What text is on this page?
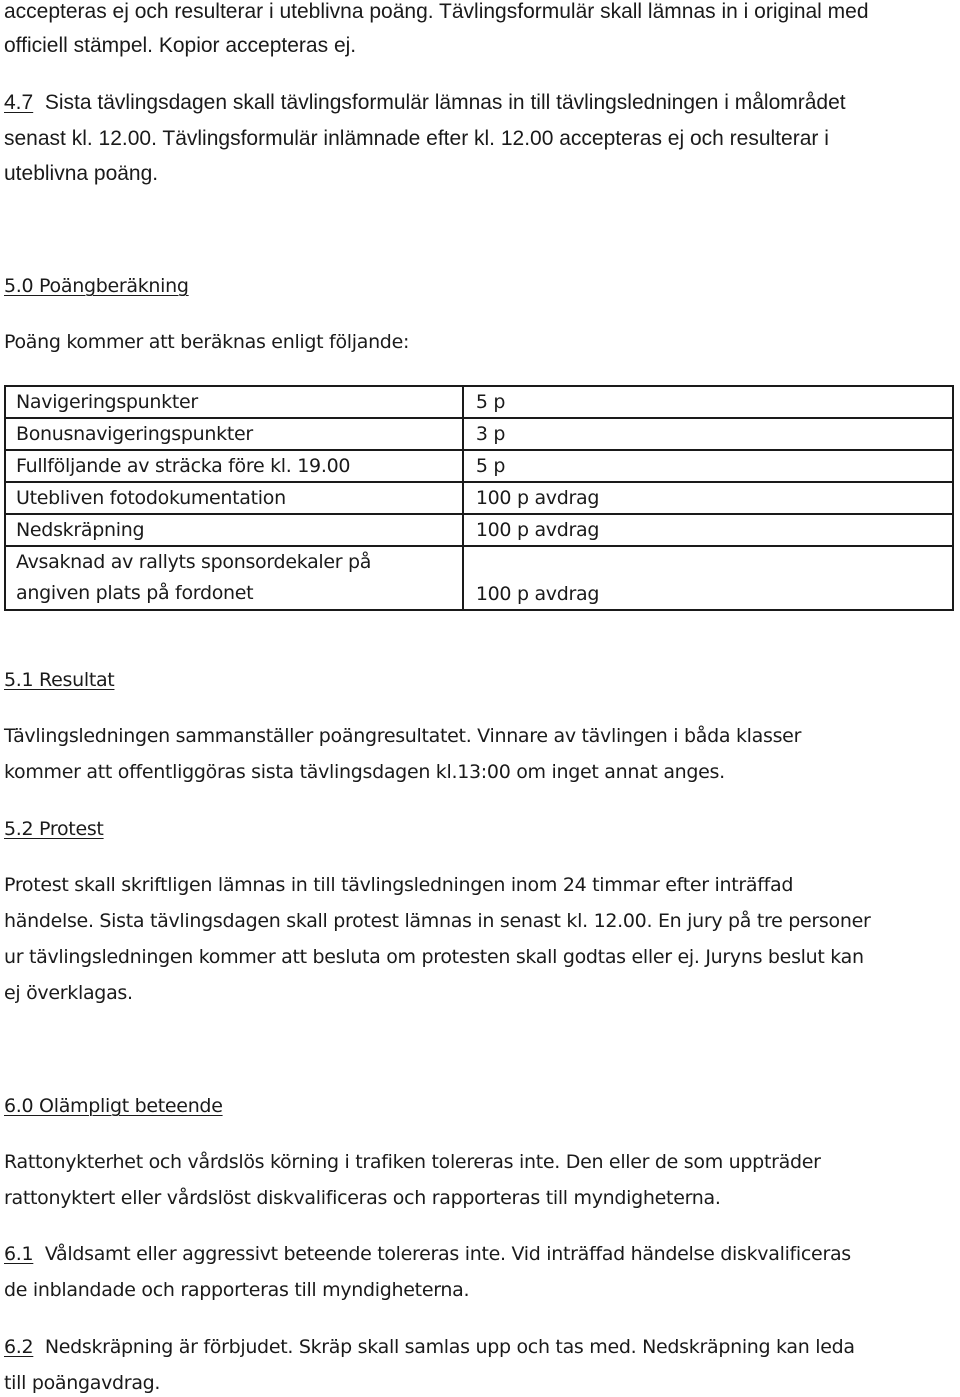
accepteras ej och resulterar i uteblivna poäng. Tävlingsformulär skall lämnas in i original med

officiell stämpel. Kopior accepteras ej.

4.7 Sista tävlingsdagen skall tävlingsformulär lämnas in till tävlingsledningen i målområdet

senast kl. 12.00. Tävlingsformulär inlämnade efter kl. 12.00 accepteras ej och resulterar i

uteblivna poäng.

5.0 Poängberäkning

Poäng kommer att beräknas enligt följande:

Navigeringspunkter	5 p
Bonusnavigeringspunkter	3 p
Fullföljande av sträcka före kl. 19.00	5 p
Utebliven fotodokumentation	100 p avdrag
Nedskräpning	100 p avdrag

Avsaknad av rallyts sponsordekaler på
angiven plats på fordonet	100 p avdrag

5.1 Resultat

Tävlingsledningen sammanställer poängresultatet. Vinnare av tävlingen i båda klasser

kommer att offentliggöras sista tävlingsdagen kl.13:00 om inget annat anges.

5.2 Protest

Protest skall skriftligen lämnas in till tävlingsledningen inom 24 timmar efter inträffad

händelse. Sista tävlingsdagen skall protest lämnas in senast kl. 12.00. En jury på tre personer

ur tävlingsledningen kommer att besluta om protesten skall godtas eller ej. Juryns beslut kan

ej överklagas.

6.0 Olämpligt beteende

Rattonykterhet och vårdslös körning i trafiken tolereras inte. Den eller de som uppträder

rattonyktert eller vårdslöst diskvalificeras och rapporteras till myndigheterna.

6.1 Våldsamt eller aggressivt beteende tolereras inte. Vid inträffad händelse diskvalificeras

de inblandade och rapporteras till myndigheterna.

6.2 Nedskräpning är förbjudet. Skräp skall samlas upp och tas med. Nedskräpning kan leda

till poängavdrag.
